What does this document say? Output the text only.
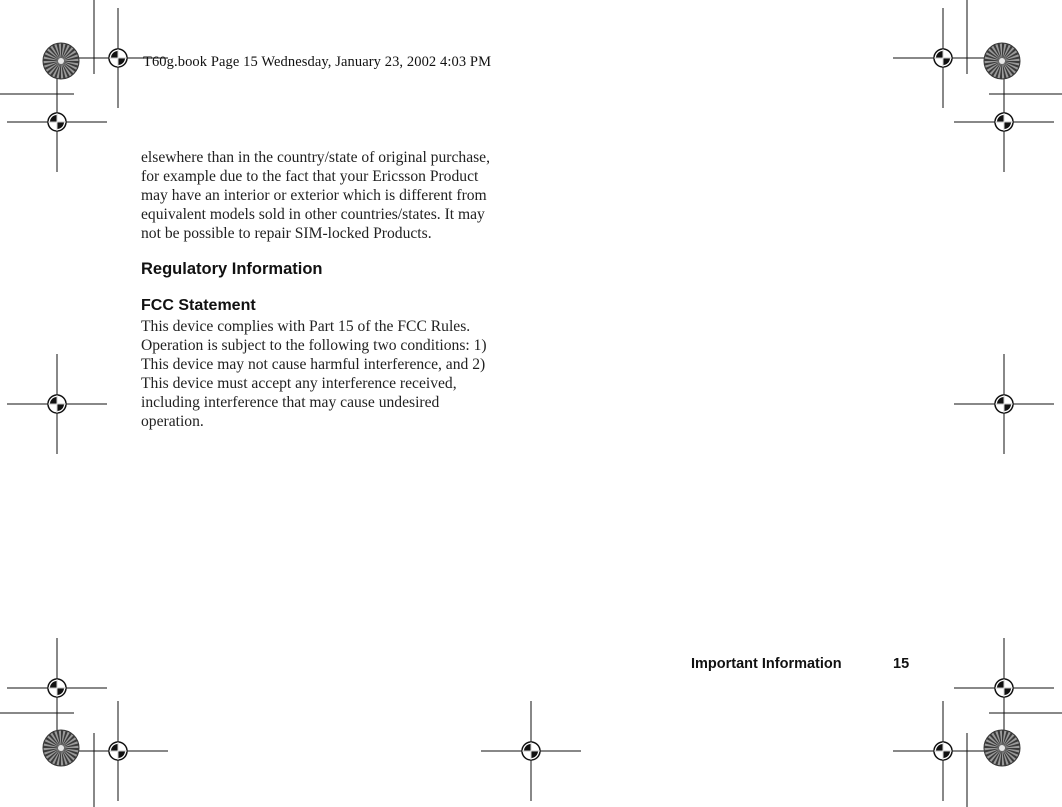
T60g.book Page 15 Wednesday, January 23, 2002 4:03 PM

elsewhere than in the country/state of original purchase,
for example due to the fact that your Ericsson Product
may have an interior or exterior which is different from
equivalent models sold in other countries/states. It may
not be possible to repair SIM-locked Products.
Regulatory Information
FCC Statement
This device complies with Part 15 of the FCC Rules.
Operation is subject to the following two conditions: 1)
This device may not cause harmful interference, and 2)
This device must accept any interference received,
including interference that may cause undesired
operation.

Important Information	15
